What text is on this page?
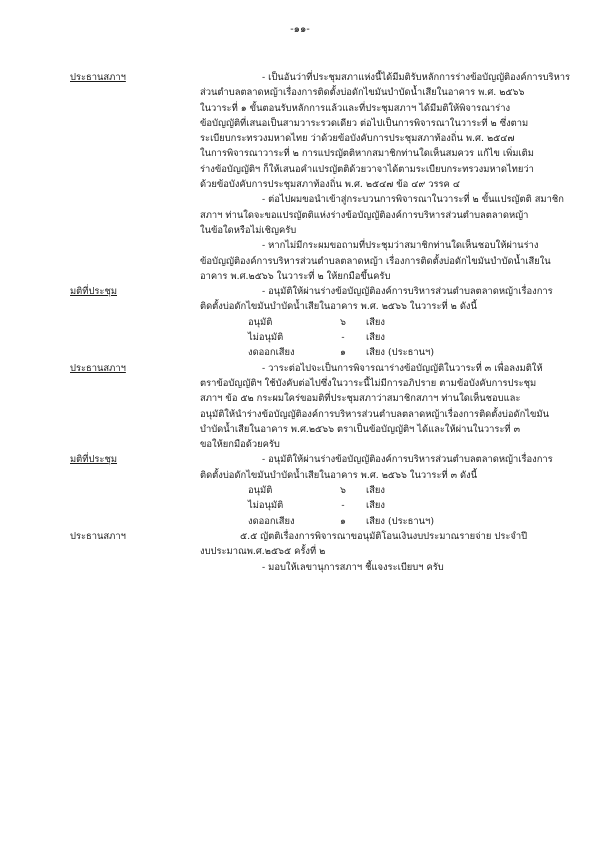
-๑๑-
ประธานสภาฯ	- เป็นอันว่าที่ประชุมสภาแห่งนี้ได้มีมติรับหลักการร่างข้อบัญญัติองค์การบริหาร
ส่วนตำบลตลาดหญ้าเรื่องการติดตั้งบ่อดักไขมันบำบัดน้ำเสียในอาคาร พ.ศ. ๒๕๖๖
ในวาระที่ ๑ ขั้นตอนรับหลักการแล้วและที่ประชุมสภาฯ ได้มีมติให้พิจารณาร่าง
ข้อบัญญัติที่เสนอเป็นสามวาระรวดเดียว ต่อไปเป็นการพิจารณาในวาระที่ ๒ ซึ่งตาม
ระเบียบกระทรวงมหาดไทย ว่าด้วยข้อบังคับการประชุมสภาท้องถิ่น พ.ศ. ๒๕๔๗
ในการพิจารณาวาระที่ ๒ การแปรญัตติหากสมาชิกท่านใดเห็นสมควร แก้ไข เพิ่มเติม
ร่างข้อบัญญัติฯ ก็ให้เสนอคำแปรญัตติด้วยวาจาได้ตามระเบียบกระทรวงมหาดไทยว่า
ด้วยข้อบังคับการประชุมสภาท้องถิ่น พ.ศ. ๒๕๔๗ ข้อ ๔๙ วรรค ๔
- ต่อไปผมขอนำเข้าสู่กระบวนการพิจารณาในวาระที่ ๒ ขั้นแปรญัตติ สมาชิก
สภาฯ ท่านใดจะขอแปรญัตติแห่งร่างข้อบัญญัติองค์การบริหารส่วนตำบลตลาดหญ้า
ในข้อใดหรือไม่เชิญครับ
- หากไม่มีกระผมขอถามที่ประชุมว่าสมาชิกท่านใดเห็นชอบให้ผ่านร่าง
ข้อบัญญัติองค์การบริหารส่วนตำบลตลาดหญ้า เรื่องการติดตั้งบ่อดักไขมันบำบัดน้ำเสียใน
อาคาร พ.ศ.๒๕๖๖ ในวาระที่ ๒ ให้ยกมือขึ้นครับ
มติที่ประชุม	- อนุมัติให้ผ่านร่างข้อบัญญัติองค์การบริหารส่วนตำบลตลาดหญ้าเรื่องการ
ติดตั้งบ่อดักไขมันบำบัดน้ำเสียในอาคาร พ.ศ. ๒๕๖๖ ในวาระที่ ๒ ดังนี้
อนุมัติ	๖	เสียง
ไม่อนุมัติ	-	เสียง
งดออกเสียง	๑	เสียง (ประธานฯ)
ประธานสภาฯ	- วาระต่อไปจะเป็นการพิจารณาร่างข้อบัญญัติในวาระที่ ๓ เพื่อลงมติให้
ตราข้อบัญญัติฯ ใช้บังคับต่อไปซึ่งในวาระนี้ไม่มีการอภิปราย ตามข้อบังคับการประชุม
สภาฯ ข้อ ๕๒ กระผมใคร่ขอมติที่ประชุมสภาว่าสมาชิกสภาฯ ท่านใดเห็นชอบและ
อนุมัติให้นำร่างข้อบัญญัติองค์การบริหารส่วนตำบลตลาดหญ้าเรื่องการติดตั้งบ่อดักไขมัน
บำบัดน้ำเสียในอาคาร พ.ศ.๒๕๖๖ ตราเป็นข้อบัญญัติฯ ได้และให้ผ่านในวาระที่ ๓
ขอให้ยกมือด้วยครับ
มติที่ประชุม	- อนุมัติให้ผ่านร่างข้อบัญญัติองค์การบริหารส่วนตำบลตลาดหญ้าเรื่องการ
ติดตั้งบ่อดักไขมันบำบัดน้ำเสียในอาคาร พ.ศ. ๒๕๖๖ ในวาระที่ ๓ ดังนี้
อนุมัติ	๖	เสียง
ไม่อนุมัติ	-	เสียง
งดออกเสียง	๑	เสียง (ประธานฯ)
ประธานสภาฯ	๕.๕ ญัตติเรื่องการพิจารณาขอนุมัติโอนเงินงบประมาณรายจ่าย ประจำปี
งบประมาณพ.ศ.๒๕๖๕ ครั้งที่ ๒
- มอบให้เลขานุการสภาฯ ชี้แจงระเบียบฯ ครับ
